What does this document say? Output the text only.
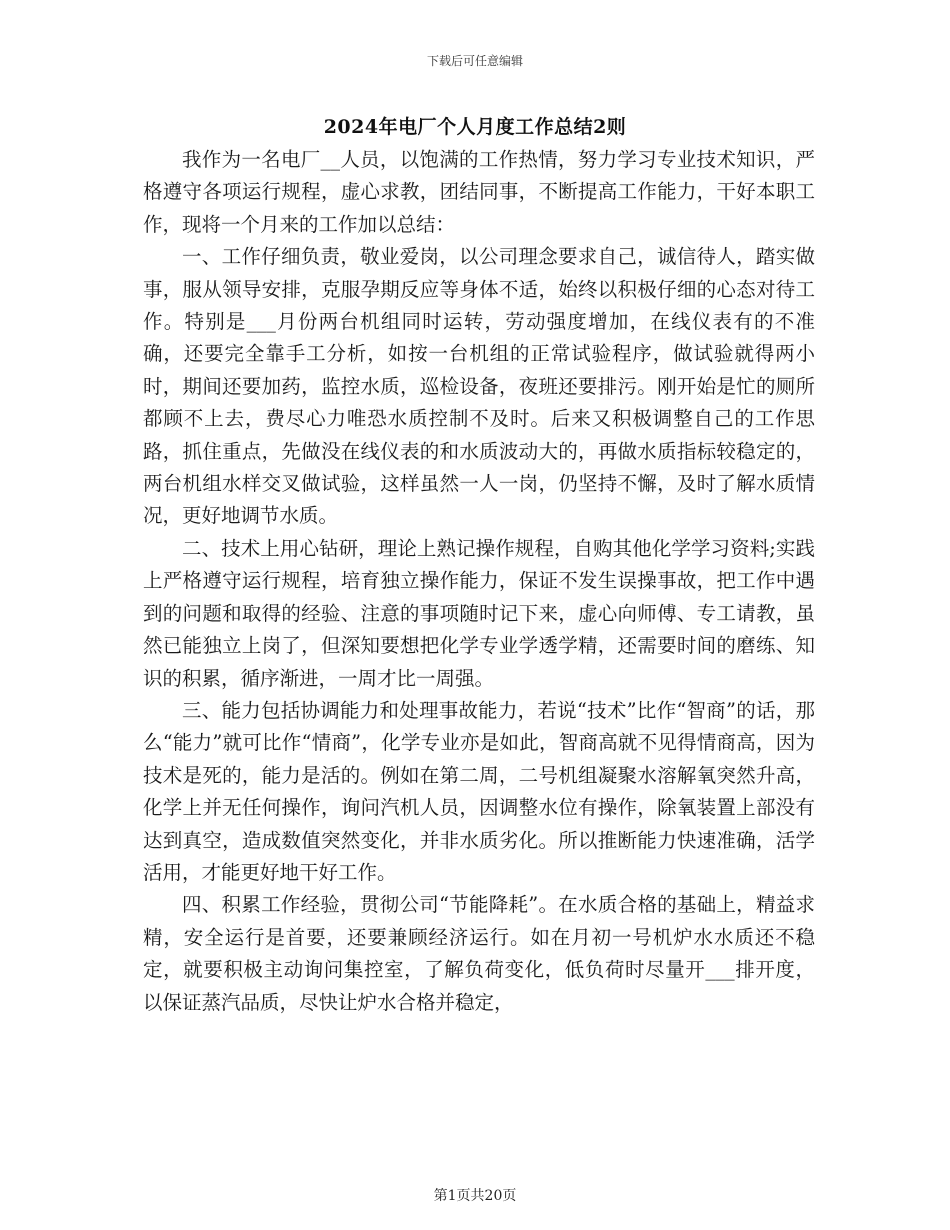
下载后可任意编辑
2024年电厂个人月度工作总结2则

我作为一名电厂__人员，以饱满的工作热情，努力学习专业技术知识，严格遵守各项运行规程，虚心求教，团结同事，不断提高工作能力，干好本职工作，现将一个月来的工作加以总结：

一、工作仔细负责，敬业爱岗，以公司理念要求自己，诚信待人，踏实做事，服从领导安排，克服孕期反应等身体不适，始终以积极仔细的心态对待工作。特别是___月份两台机组同时运转，劳动强度增加，在线仪表有的不准确，还要完全靠手工分析，如按一台机组的正常试验程序，做试验就得两小时，期间还要加药，监控水质，巡检设备，夜班还要排污。刚开始是忙的厕所都顾不上去，费尽心力唯恐水质控制不及时。后来又积极调整自己的工作思路，抓住重点，先做没在线仪表的和水质波动大的，再做水质指标较稳定的，两台机组水样交叉做试验，这样虽然一人一岗，仍坚持不懈，及时了解水质情况，更好地调节水质。

二、技术上用心钻研，理论上熟记操作规程，自购其他化学学习资料;实践上严格遵守运行规程，培育独立操作能力，保证不发生误操事故，把工作中遇到的问题和取得的经验、注意的事项随时记下来，虚心向师傅、专工请教，虽然已能独立上岗了，但深知要想把化学专业学透学精，还需要时间的磨练、知识的积累，循序渐进，一周才比一周强。

三、能力包括协调能力和处理事故能力，若说“技术”比作“智商”的话，那么“能力”就可比作“情商”，化学专业亦是如此，智商高就不见得情商高，因为技术是死的，能力是活的。例如在第二周，二号机组凝聚水溶解氧突然升高，化学上并无任何操作，询问汽机人员，因调整水位有操作，除氧装置上部没有达到真空，造成数值突然变化，并非水质劣化。所以推断能力快速准确，活学活用，才能更好地干好工作。

四、积累工作经验，贯彻公司“节能降耗”。在水质合格的基础上，精益求精，安全运行是首要，还要兼顾经济运行。如在月初一号机炉水水质还不稳定，就要积极主动询问集控室，了解负荷变化，低负荷时尽量开___排开度，以保证蒸汽品质，尽快让炉水合格并稳定，

第1页共20页
